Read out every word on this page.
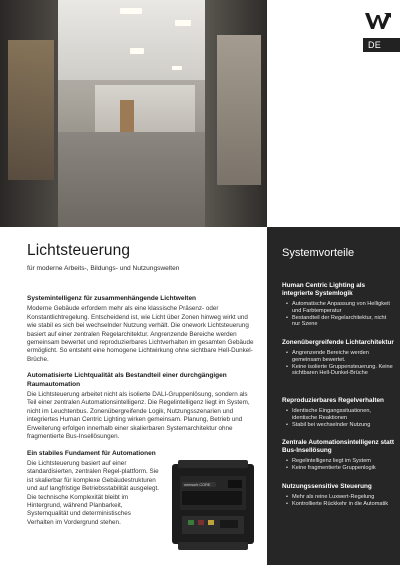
DE
Lichtsteuerung
für moderne Arbeits-, Bildungs- und Nutzungswelten
Systemintelligenz für zusammenhängende Lichtwelten
Moderne Gebäude erfordern mehr als eine klassische Präsenz- oder Konstantlichtregelung. Entscheidend ist, wie Licht über Zonen hinweg wirkt und wie stabil es sich bei wechselnder Nutzung verhält. Die onework Lichtsteuerung basiert auf einer zentralen Regelarchitektur. Angrenzende Bereiche werden gemeinsam bewertet und reproduzierbares Lichtverhalten im gesamten Gebäude ermöglicht. So entsteht eine homogene Lichtwirkung ohne sichtbare Hell-Dunkel-Brüche.
Automatisierte Lichtqualität als Bestandteil einer durchgängigen Raumautomation
Die Lichtsteuerung arbeitet nicht als isolierte DALI-Gruppenlösung, sondern als Teil einer zentralen Automationsintelligenz. Die Regelintelligenz liegt im System, nicht im Leuchtenbus. Zonenübergreifende Logik, Nutzungsszenarien und integriertes Human Centric Lighting wirken gemeinsam. Planung, Betrieb und Erweiterung erfolgen innerhalb einer skalierbaren Systemarchitektur ohne fragmentierte Bus-Insellösungen.
Ein stabiles Fundament für Automationen
Die Lichtsteuerung basiert auf einer standardisierten, zentralen Regel-plattform. Sie ist skalierbar für komplexe Gebäudestrukturen und auf langfristige Betriebsstabilität ausgelegt. Die technische Komplexität bleibt im Hintergrund, während Planbarkeit, Systemqualität und deterministisches Verhalten im Vordergrund stehen.
onework CORE
Systemvorteile
Human Centric Lighting als integrierte Systemlogik
• Automatische Anpassung von Helligkeit und Farbtemperatur
• Bestandteil der Regelarchitektur, nicht nur Szene
Zonenübergreifende Lichtarchitektur
• Angrenzende Bereiche werden gemeinsam bewertet.
• Keine isolierte Gruppensteuerung. Keine sichtbaren Hell-Dunkel-Brüche
Reproduzierbares Regelverhalten
• Identische Eingangssituationen, identische Reaktionen
• Stabil bei wechselnder Nutzung
Zentrale Automationsintelligenz statt Bus-Insellösung
• Regelintelligenz liegt im System
• Keine fragmentierte Gruppenlogik
Nutzungssensitive Steuerung
• Mehr als reine Luxwert-Regelung
• Kontrollierte Rückkehr in die Automatik
